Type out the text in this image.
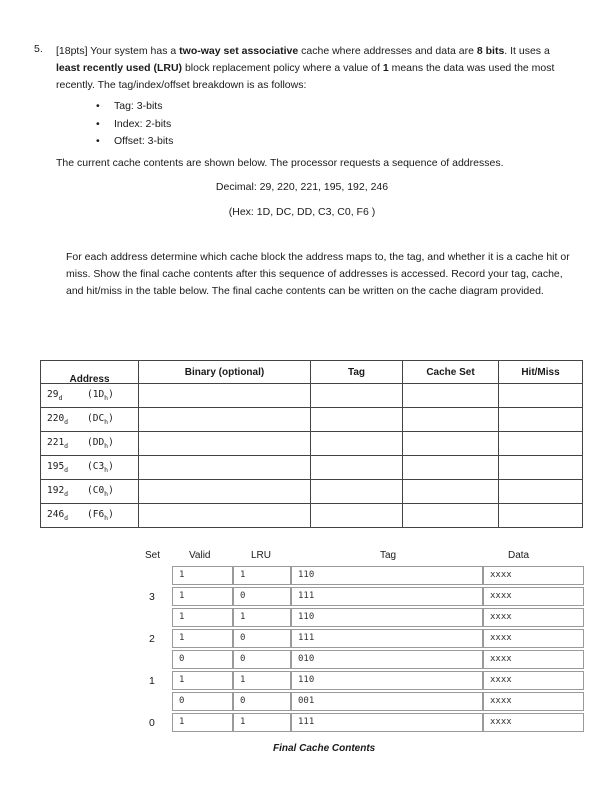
5. [18pts] Your system has a two-way set associative cache where addresses and data are 8 bits. It uses a least recently used (LRU) block replacement policy where a value of 1 means the data was used the most recently. The tag/index/offset breakdown is as follows:

• Tag: 3-bits
• Index: 2-bits
• Offset: 3-bits

The current cache contents are shown below. The processor requests a sequence of addresses.

Decimal: 29, 220, 221, 195, 192, 246

(Hex: 1D, DC, DD, C3, C0, F6 )

For each address determine which cache block the address maps to, the tag, and whether it is a cache hit or miss. Show the final cache contents after this sequence of addresses is accessed. Record your tag, cache, and hit/miss in the table below. The final cache contents can be written on the cache diagram provided.

Address	Binary (optional)	Tag	Cache Set	Hit/Miss
$29_d$ $(1D_h)$				
$220_d$ $(DC_h)$				
$221_d$ $(DD_h)$				
$195_d$ $(C3_h)$				
$192_d$ $(C0_h)$				
$246_d$ $(F6_h)$				
Set	Valid	LRU	Tag	Data
3
1	1	110	xxxx
1	0	111	xxxx
2
1	1	110	xxxx
1	0	111	xxxx
1
0	0	010	xxxx
1	1	110	xxxx
0
0	0	001	xxxx
1	1	111	xxxx

Final Cache Contents
